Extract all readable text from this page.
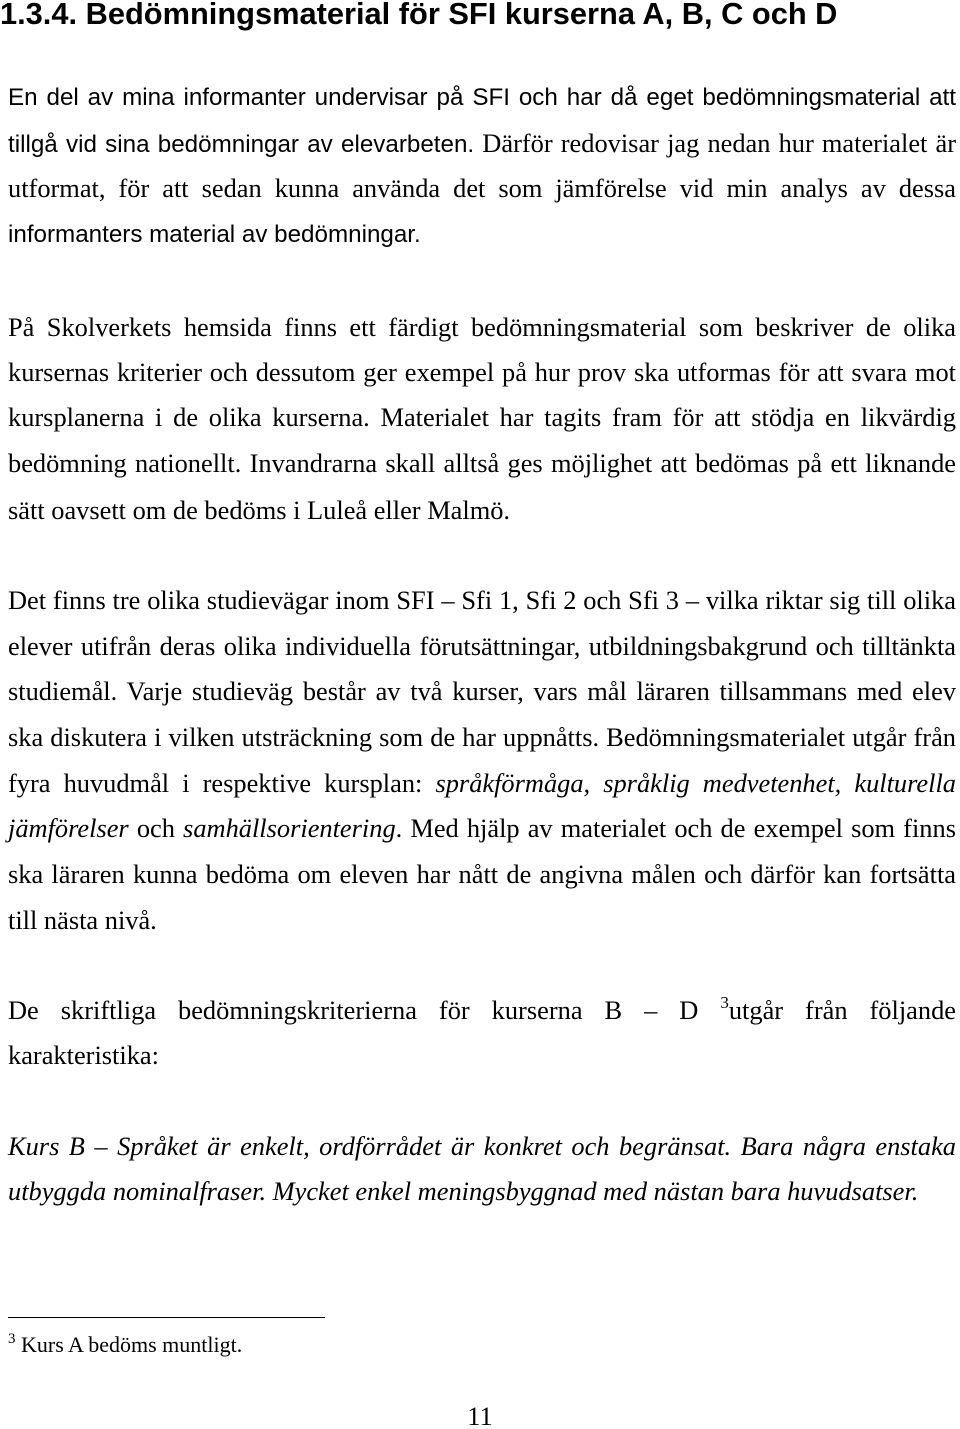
1.3.4. Bedömningsmaterial för SFI kurserna A, B, C och D
En del av mina informanter undervisar på SFI och har då eget bedömningsmaterial att
tillgå vid sina bedömningar av elevarbeten. Därför redovisar jag nedan hur materialet är
utformat, för att sedan kunna använda det som jämförelse vid min analys av dessa
informanters material av bedömningar.
På Skolverkets hemsida finns ett färdigt bedömningsmaterial som beskriver de olika
kursernas kriterier och dessutom ger exempel på hur prov ska utformas för att svara mot
kursplanerna i de olika kurserna. Materialet har tagits fram för att stödja en likvärdig
bedömning nationellt. Invandrarna skall alltså ges möjlighet att bedömas på ett liknande
sätt oavsett om de bedöms i Luleå eller Malmö.
Det finns tre olika studievägar inom SFI – Sfi 1, Sfi 2 och Sfi 3 – vilka riktar sig till olika
elever utifrån deras olika individuella förutsättningar, utbildningsbakgrund och tilltänkta
studiemål. Varje studieväg består av två kurser, vars mål läraren tillsammans med elev
ska diskutera i vilken utsträckning som de har uppnåtts. Bedömningsmaterialet utgår från
fyra huvudmål i respektive kursplan: språkförmåga, språklig medvetenhet, kulturella
jämförelser och samhällsorientering. Med hjälp av materialet och de exempel som finns
ska läraren kunna bedöma om eleven har nått de angivna målen och därför kan fortsätta
till nästa nivå.
De skriftliga bedömningskriterierna för kurserna B – D $^3$utgår från följande
karakteristika:
Kurs B – Språket är enkelt, ordförrådet är konkret och begränsat. Bara några enstaka
utbyggda nominalfraser. Mycket enkel meningsbyggnad med nästan bara huvudsatser.
$^3$ Kurs A bedöms muntligt.
11
